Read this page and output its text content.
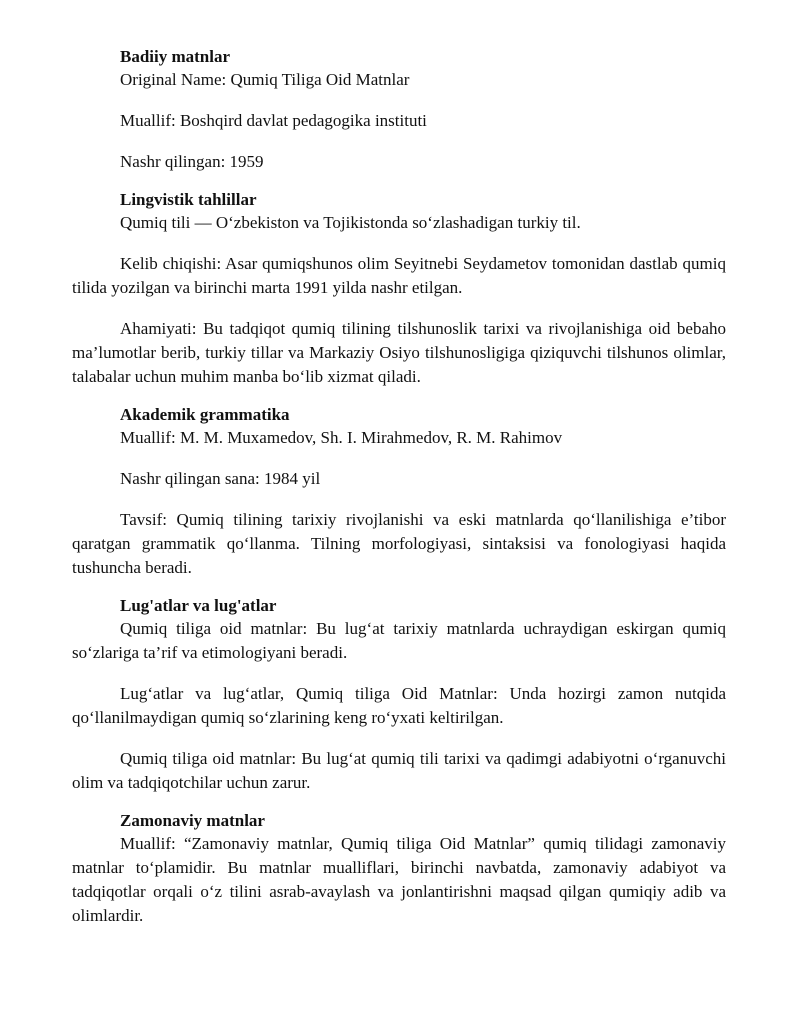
Badiiy matnlar

Original Name: Qumiq Tiliga Oid Matnlar

Muallif: Boshqird davlat pedagogika instituti

Nashr qilingan: 1959

Lingvistik tahlillar

Qumiq tili — O‘zbekiston va Tojikistonda so‘zlashadigan turkiy til.

Kelib chiqishi: Asar qumiqshunos olim Seyitnebi Seydametov tomonidan dastlab qumiq tilida yozilgan va birinchi marta 1991 yilda nashr etilgan.

Ahamiyati: Bu tadqiqot qumiq tilining tilshunoslik tarixi va rivojlanishiga oid bebaho ma’lumotlar berib, turkiy tillar va Markaziy Osiyo tilshunosligiga qiziquvchi tilshunos olimlar, talabalar uchun muhim manba bo‘lib xizmat qiladi.

Akademik grammatika

Muallif: M. M. Muxamedov, Sh. I. Mirahmedov, R. M. Rahimov

Nashr qilingan sana: 1984 yil

Tavsif: Qumiq tilining tarixiy rivojlanishi va eski matnlarda qo‘llanilishiga e’tibor qaratgan grammatik qo‘llanma. Tilning morfologiyasi, sintaksisi va fonologiyasi haqida tushuncha beradi.

Lug'atlar va lug'atlar

Qumiq tiliga oid matnlar: Bu lug‘at tarixiy matnlarda uchraydigan eskirgan qumiq so‘zlariga ta’rif va etimologiyani beradi.

Lug‘atlar va lug‘atlar, Qumiq tiliga Oid Matnlar: Unda hozirgi zamon nutqida qo‘llanilmaydigan qumiq so‘zlarining keng ro‘yxati keltirilgan.

Qumiq tiliga oid matnlar: Bu lug‘at qumiq tili tarixi va qadimgi adabiyotni o‘rganuvchi olim va tadqiqotchilar uchun zarur.

Zamonaviy matnlar

Muallif: “Zamonaviy matnlar, Qumiq tiliga Oid Matnlar” qumiq tilidagi zamonaviy matnlar to‘plamidir. Bu matnlar mualliflari, birinchi navbatda, zamonaviy adabiyot va tadqiqotlar orqali o‘z tilini asrab-avaylash va jonlantirishni maqsad qilgan qumiqiy adib va olimlardir.
